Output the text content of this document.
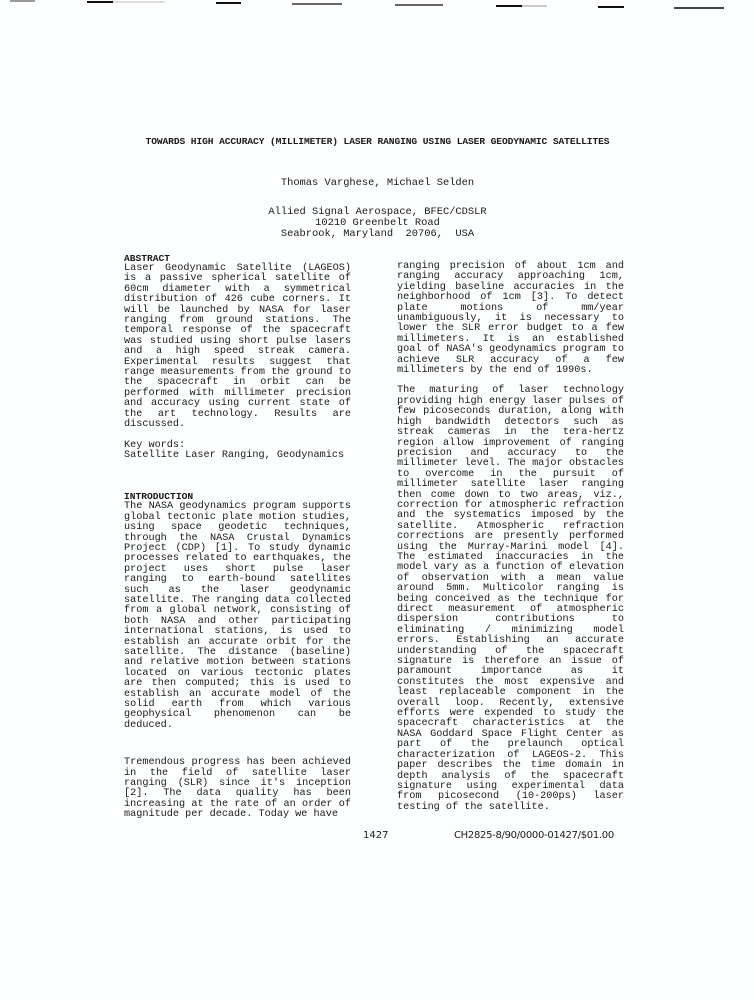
TOWARDS HIGH ACCURACY (MILLIMETER) LASER RANGING USING LASER GEODYNAMIC SATELLITES
Thomas Varghese, Michael Selden
Allied Signal Aerospace, BFEC/CDSLR
10210 Greenbelt Road
Seabrook, Maryland  20706,  USA

ABSTRACT

Laser Geodynamic Satellite (LAGEOS) is a passive spherical satellite of 60cm diameter with a symmetrical distribution of 426 cube corners. It will be launched by NASA for laser ranging from ground stations. The temporal response of the spacecraft was studied using short pulse lasers and a high speed streak camera. Experimental results suggest that range measurements from the ground to the spacecraft in orbit can be performed with millimeter precision and accuracy using current state of the art technology. Results are discussed.

Key words:

Satellite Laser Ranging, Geodynamics

INTRODUCTION

The NASA geodynamics program supports global tectonic plate motion studies, using space geodetic techniques, through the NASA Crustal Dynamics Project (CDP) [1]. To study dynamic processes related to earthquakes, the project uses short pulse laser ranging to earth-bound satellites such as the laser geodynamic satellite. The ranging data collected from a global network, consisting of both NASA and other participating international stations, is used to establish an accurate orbit for the satellite. The distance (baseline) and relative motion between stations located on various tectonic plates are then computed; this is used to establish an accurate model of the solid earth from which various geophysical phenomenon can be deduced.

Tremendous progress has been achieved in the field of satellite laser ranging (SLR) since it's inception [2]. The data quality has been increasing at the rate of an order of magnitude per decade. Today we have

ranging precision of about 1cm and ranging accuracy approaching 1cm, yielding baseline accuracies in the neighborhood of 1cm [3]. To detect plate motions of mm/year unambiguously, it is necessary to lower the SLR error budget to a few millimeters. It is an established goal of NASA's geodynamics program to achieve SLR accuracy of a few millimeters by the end of 1990s.

The maturing of laser technology providing high energy laser pulses of few picoseconds duration, along with high bandwidth detectors such as streak cameras in the tera-hertz region allow improvement of ranging precision and accuracy to the millimeter level. The major obstacles to overcome in the pursuit of millimeter satellite laser ranging then come down to two areas, viz., correction for atmospheric refraction and the systematics imposed by the satellite. Atmospheric refraction corrections are presently performed using the Murray-Marini model [4]. The estimated inaccuracies in the model vary as a function of elevation of observation with a mean value around 5mm. Multicolor ranging is being conceived as the technique for direct measurement of atmospheric dispersion contributions to eliminating / minimizing model errors. Establishing an accurate understanding of the spacecraft signature is therefore an issue of paramount importance as it constitutes the most expensive and least replaceable component in the overall loop. Recently, extensive efforts were expended to study the spacecraft characteristics at the NASA Goddard Space Flight Center as part of the prelaunch optical characterization of LAGEOS-2. This paper describes the time domain in depth analysis of the spacecraft signature using experimental data from picosecond (10-200ps) laser testing of the satellite.

1427	CH2825-8/90/0000-01427/$01.00
